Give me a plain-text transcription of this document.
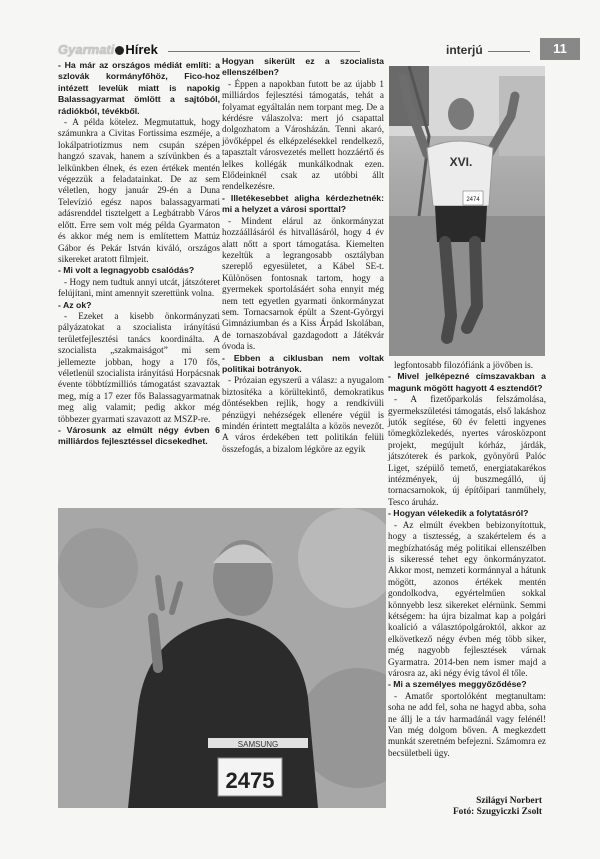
Gyarmati Hírek	interjú	11

- Ha már az országos médiát említi: a szlovák kormányfőhöz, Fico-hoz intézett levelük miatt is napokig Balassagyarmat ömlött a sajtóból, rádiókból, tévékből.

- A példa kötelez. Megmutattuk, hogy számunkra a Civitas Fortissima eszméje, a lokálpatriotizmus nem csupán szépen hangzó szavak, hanem a szívünkben és a lelkünkben élnek, és ezen értékek mentén végezzük a feladatainkat. De az sem véletlen, hogy január 29-én a Duna Televízió egész napos balassagyarmati adásrenddel tisztelgett a Legbátrabb Város előtt. Erre sem volt még példa Gyarmaton és akkor még nem is említettem Mattúz Gábor és Pekár István kiváló, országos sikereket aratott filmjeit.

- Mi volt a legnagyobb csalódás?

- Hogy nem tudtuk annyi utcát, játszóteret felújítani, mint amennyit szerettünk volna.

- Az ok?

- Ezeket a kisebb önkormányzati pályázatokat a szocialista irányítású területfejlesztési tanács koordinálta. A szocialista „szakmaiságot” mi sem jellemezte jobban, hogy a 170 fős, véletlenül szocialista irányítású Horpácsnak évente többtízmilliós támogatást szavaztak meg, míg a 17 ezer fős Balassagyarmatnak meg alig valamit; pedig akkor még többezer gyarmati szavazott az MSZP-re.

- Városunk az elmúlt négy évben 6 milliárdos fejlesztéssel dicsekedhet.

Hogyan sikerült ez a szocialista ellenszélben?

- Éppen a napokban futott be az újabb 1 milliárdos fejlesztési támogatás, tehát a folyamat egyáltalán nem torpant meg. De a kérdésre válaszolva: mert jó csapattal dolgozhatom a Városházán. Tenni akaró, jövőképpel és elképzelésekkel rendelkező, tapasztalt városvezetés mellett hozzáértő és lelkes kollégák munkálkodnak ezen. Elődeinknél csak az utóbbi állt rendelkezésre.

- Illetékesebbet aligha kérdezhetnék: mi a helyzet a városi sporttal?

- Mindent elárul az önkormányzat hozzáállásáról és hitvallásáról, hogy 4 év alatt nőtt a sport támogatása. Kiemelten kezeltük a legrangosabb osztályban szereplő egyesületet, a Kábel SE-t. Különösen fontosnak tartom, hogy a gyermekek sportolásáért soha ennyit még nem tett egyetlen gyarmati önkormányzat sem. Tornacsarnok épült a Szent-Györgyi Gimnáziumban és a Kiss Árpád Iskolában, de tornaszobával gazdagodott a Játékvár óvoda is.

- Ebben a ciklusban nem voltak politikai botrányok.

- Prózaian egyszerű a válasz: a nyugalom biztosítéka a körültekintő, demokratikus döntésekben rejlik, hogy a rendkívüli pénzügyi nehézségek ellenére végül is mindén érintett megtalálta a közös nevezőt. A város érdekében tett politikán felüli összefogás, a bizalom légköre az egyik

legfontosabb filozófiánk a jövőben is.

- Mivel jelképezné címszavakban a magunk mögött hagyott 4 esztendőt?

- A fizetőparkolás felszámolása, gyermekszületési támogatás, első lakáshoz jutók segítése, 60 év feletti ingyenes tömegközlekedés, nyertes városközpont projekt, megújult kórház, járdák, játszóterek és parkok, gyönyörű Palóc Liget, szépülő temető, energiatakarékos intézmények, új buszmegálló, új tornacsarnokok, új építőipari tanműhely, Tesco áruház.

- Hogyan vélekedik a folytatásról?

- Az elmúlt években bebizonyítottuk, hogy a tisztesség, a szakértelem és a megbízhatóság még politikai ellenszélben is sikeressé tehet egy önkormányzatot. Akkor most, nemzeti kormánnyal a hátunk mögött, azonos értékek mentén gondolkodva, egyértelműen sokkal könnyebb lesz sikereket elérnünk. Semmi kétségem: ha újra bizalmat kap a polgári koalíció a választópolgároktól, akkor az elkövetkező négy évben még több siker, még nagyobb fejlesztések várnak Gyarmatra. 2014-ben nem ismer majd a városra az, aki négy évig távol él tőle.

- Mi a személyes meggyőződése?

- Amatőr sportolóként megtanultam: soha ne add fel, soha ne hagyd abba, soha ne állj le a táv harmadánál vagy felénél! Van még dolgom bőven. A megkezdett munkát szeretném befejezni. Számomra ez becsületbeli ügy.

XVI.
2474
SAMSUNG
2475
Szilágyi Norbert
Fotó: Szugyiczki Zsolt
